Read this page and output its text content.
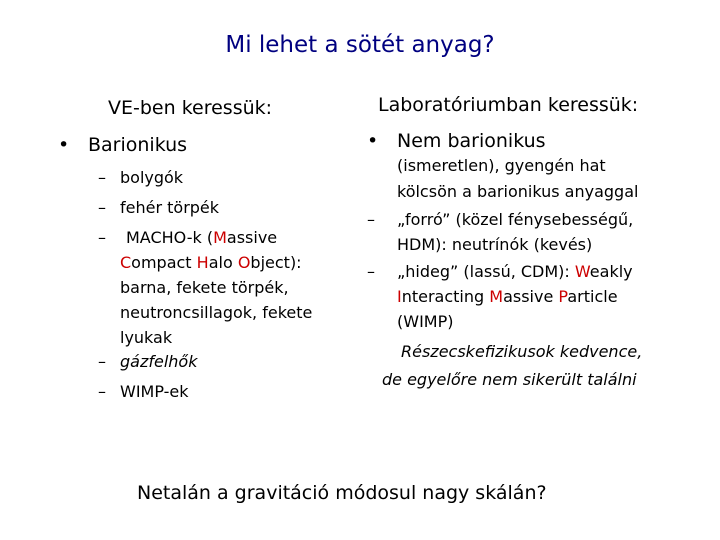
Mi lehet a sötét anyag?
VE-ben keressük:
• Barionikus
– bolygók
– fehér törpék
– MACHO-k (Massive
Compact Halo Object):
barna, fekete törpék,
neutroncsillagok, fekete
lyukak
– gázfelhők
– WIMP-ek
Laboratóriumban keressük:
• Nem barionikus
(ismeretlen), gyengén hat
kölcsön a barionikus anyaggal
– „forró” (közel fénysebességű,
HDM): neutrínók (kevés)
– „hideg” (lassú, CDM): Weakly
Interacting Massive Particle
(WIMP)
Részecskefizikusok kedvence,
de egyelőre nem sikerült találni
Netalán a gravitáció módosul nagy skálán?
